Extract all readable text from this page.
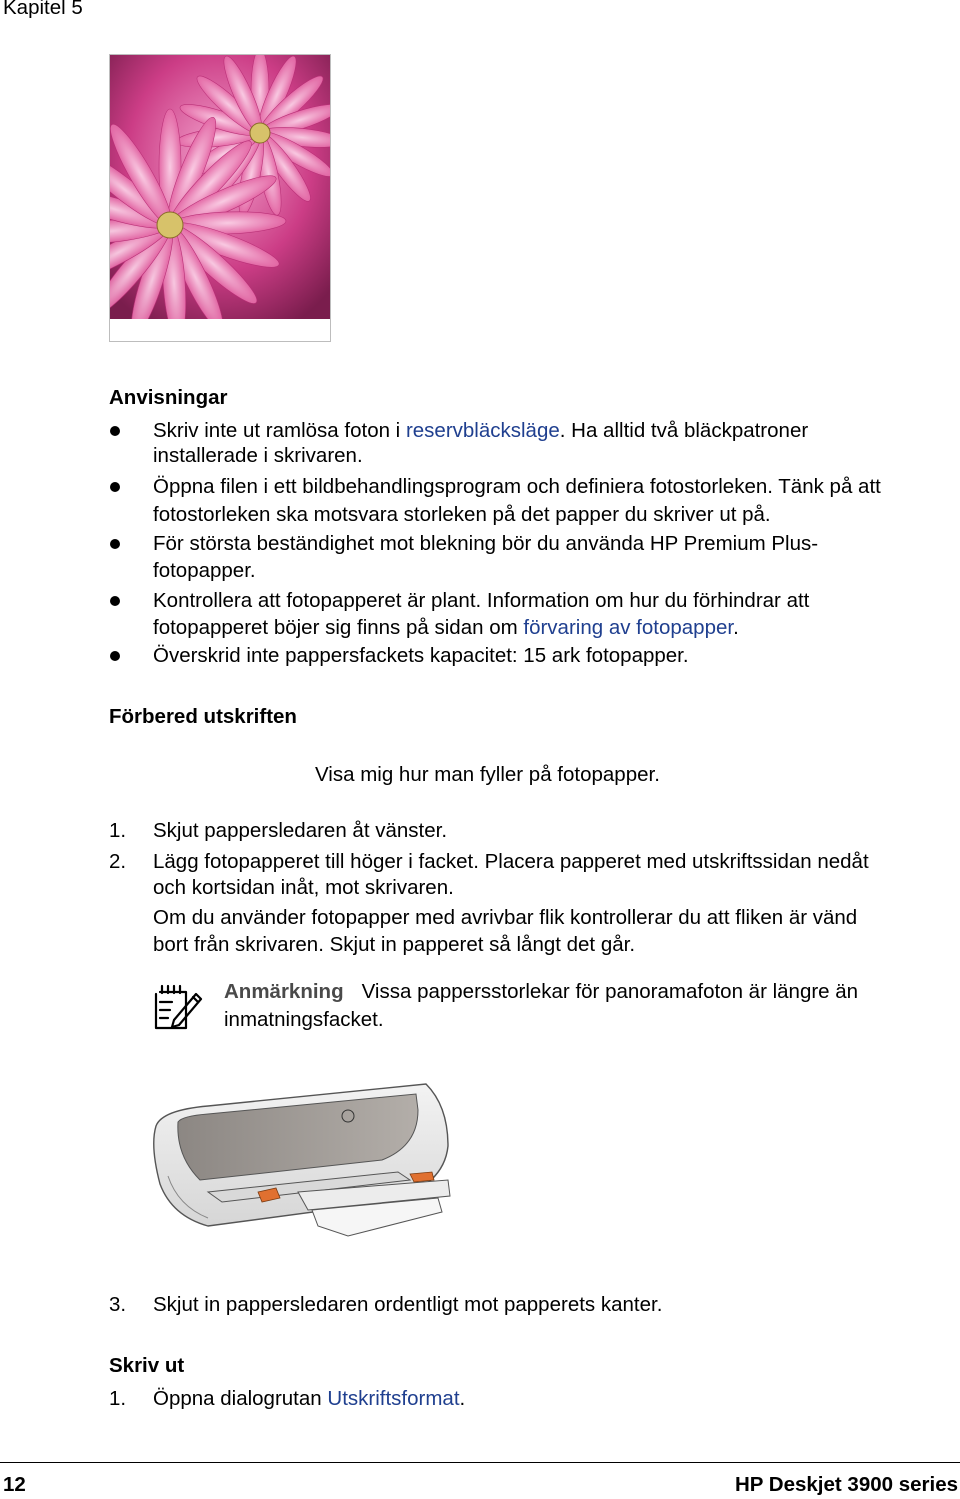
Kapitel 5
Anvisningar
Skriv inte ut ramlösa foton i reservbläcksläge. Ha alltid två bläckpatroner
installerade i skrivaren.
Öppna filen i ett bildbehandlingsprogram och definiera fotostorleken. Tänk på att
fotostorleken ska motsvara storleken på det papper du skriver ut på.
För största beständighet mot blekning bör du använda HP Premium Plus-
fotopapper.
Kontrollera att fotopapperet är plant. Information om hur du förhindrar att
fotopapperet böjer sig finns på sidan om förvaring av fotopapper.
Överskrid inte pappersfackets kapacitet: 15 ark fotopapper.
Förbered utskriften
Visa mig hur man fyller på fotopapper.
1. Skjut pappersledaren åt vänster.
2. Lägg fotopapperet till höger i facket. Placera papperet med utskriftssidan nedåt
och kortsidan inåt, mot skrivaren.
Om du använder fotopapper med avrivbar flik kontrollerar du att fliken är vänd
bort från skrivaren. Skjut in papperet så långt det går.
Anmärkning Vissa pappersstorlekar för panoramafoton är längre än
inmatningsfacket.
3. Skjut in pappersledaren ordentligt mot papperets kanter.
Skriv ut
1. Öppna dialogrutan Utskriftsformat.
12	HP Deskjet 3900 series
